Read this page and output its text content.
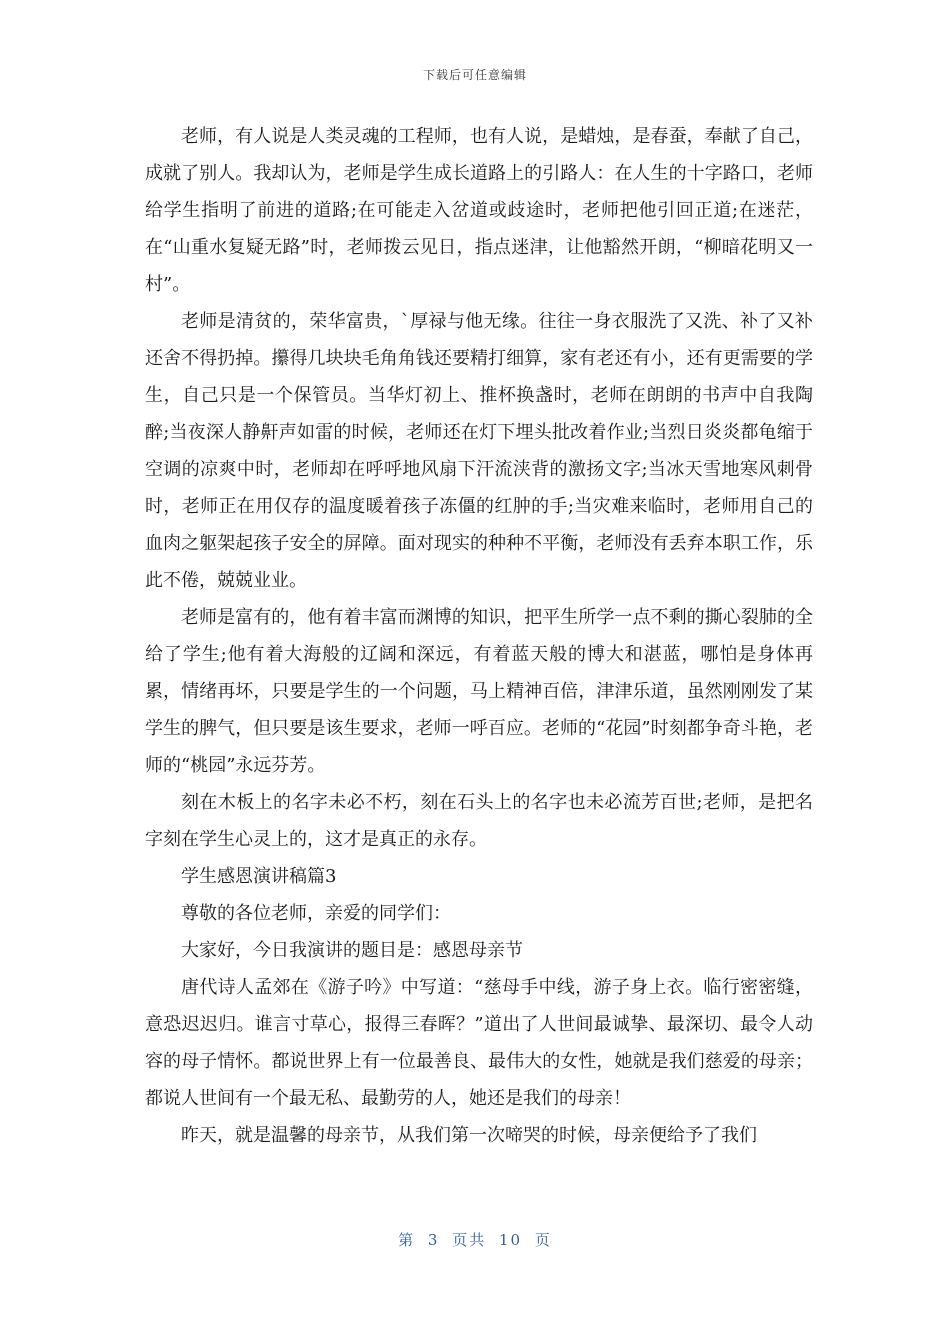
下载后可任意编辑

老师，有人说是人类灵魂的工程师，也有人说，是蜡烛，是春蚕，奉献了自己，成就了别人。我却认为，老师是学生成长道路上的引路人：在人生的十字路口，老师给学生指明了前进的道路;在可能走入岔道或歧途时，老师把他引回正道;在迷茫，在“山重水复疑无路”时，老师拨云见日，指点迷津，让他豁然开朗，“柳暗花明又一村”。

老师是清贫的，荣华富贵，`厚禄与他无缘。往往一身衣服洗了又洗、补了又补还舍不得扔掉。攥得几块块毛角角钱还要精打细算，家有老还有小，还有更需要的学生，自己只是一个保管员。当华灯初上、推杯换盏时，老师在朗朗的书声中自我陶醉;当夜深人静鼾声如雷的时候，老师还在灯下埋头批改着作业;当烈日炎炎都龟缩于空调的凉爽中时，老师却在呼呼地风扇下汗流浃背的激扬文字;当冰天雪地寒风刺骨时，老师正在用仅存的温度暖着孩子冻僵的红肿的手;当灾难来临时，老师用自己的血肉之躯架起孩子安全的屏障。面对现实的种种不平衡，老师没有丢弃本职工作，乐此不倦，兢兢业业。

老师是富有的，他有着丰富而渊博的知识，把平生所学一点不剩的撕心裂肺的全给了学生;他有着大海般的辽阔和深远，有着蓝天般的博大和湛蓝，哪怕是身体再累，情绪再坏，只要是学生的一个问题，马上精神百倍，津津乐道，虽然刚刚发了某学生的脾气，但只要是该生要求，老师一呼百应。老师的“花园”时刻都争奇斗艳，老师的“桃园”永远芬芳。

刻在木板上的名字未必不朽，刻在石头上的名字也未必流芳百世;老师，是把名字刻在学生心灵上的，这才是真正的永存。

学生感恩演讲稿篇3

尊敬的各位老师，亲爱的同学们：

大家好，今日我演讲的题目是：感恩母亲节

唐代诗人孟郊在《游子吟》中写道：“慈母手中线，游子身上衣。临行密密缝，意恐迟迟归。谁言寸草心，报得三春晖？”道出了人世间最诚挚、最深切、最令人动容的母子情怀。都说世界上有一位最善良、最伟大的女性，她就是我们慈爱的母亲；都说人世间有一个最无私、最勤劳的人，她还是我们的母亲！

昨天，就是温馨的母亲节，从我们第一次啼哭的时候，母亲便给予了我们

第 3 页共 10 页
